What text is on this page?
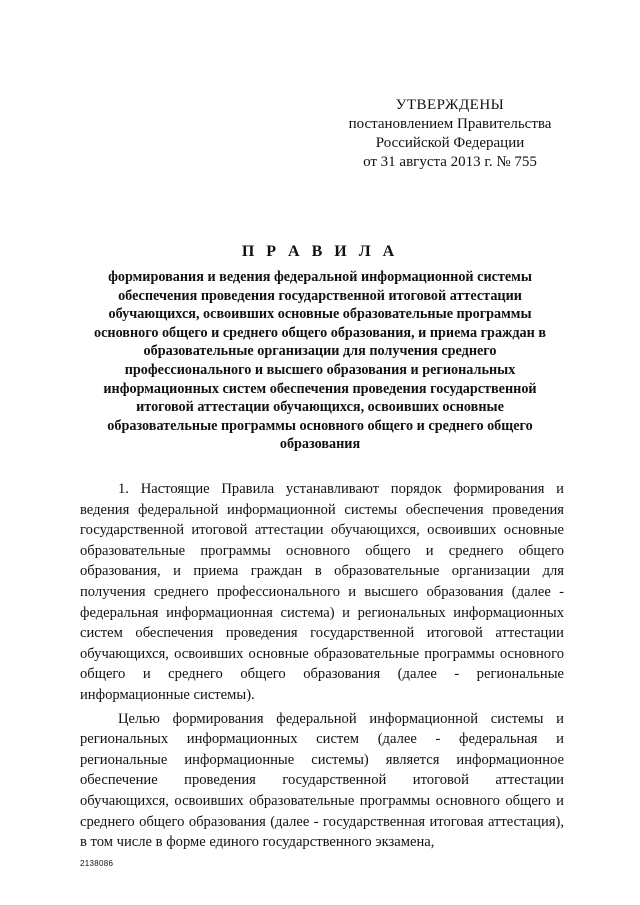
УТВЕРЖДЕНЫ
постановлением Правительства
Российской Федерации
от 31 августа 2013 г. № 755
П Р А В И Л А
формирования и ведения федеральной информационной системы обеспечения проведения государственной итоговой аттестации обучающихся, освоивших основные образовательные программы основного общего и среднего общего образования, и приема граждан в образовательные организации для получения среднего профессионального и высшего образования и региональных информационных систем обеспечения проведения государственной итоговой аттестации обучающихся, освоивших основные образовательные программы основного общего и среднего общего образования

1. Настоящие Правила устанавливают порядок формирования и ведения федеральной информационной системы обеспечения проведения государственной итоговой аттестации обучающихся, освоивших основные образовательные программы основного общего и среднего общего образования, и приема граждан в образовательные организации для получения среднего профессионального и высшего образования (далее - федеральная информационная система) и региональных информационных систем обеспечения проведения государственной итоговой аттестации обучающихся, освоивших основные образовательные программы основного общего и среднего общего образования (далее - региональные информационные системы).

Целью формирования федеральной информационной системы и региональных информационных систем (далее - федеральная и региональные информационные системы) является информационное обеспечение проведения государственной итоговой аттестации обучающихся, освоивших образовательные программы основного общего и среднего общего образования (далее - государственная итоговая аттестация), в том числе в форме единого государственного экзамена,

2138086
